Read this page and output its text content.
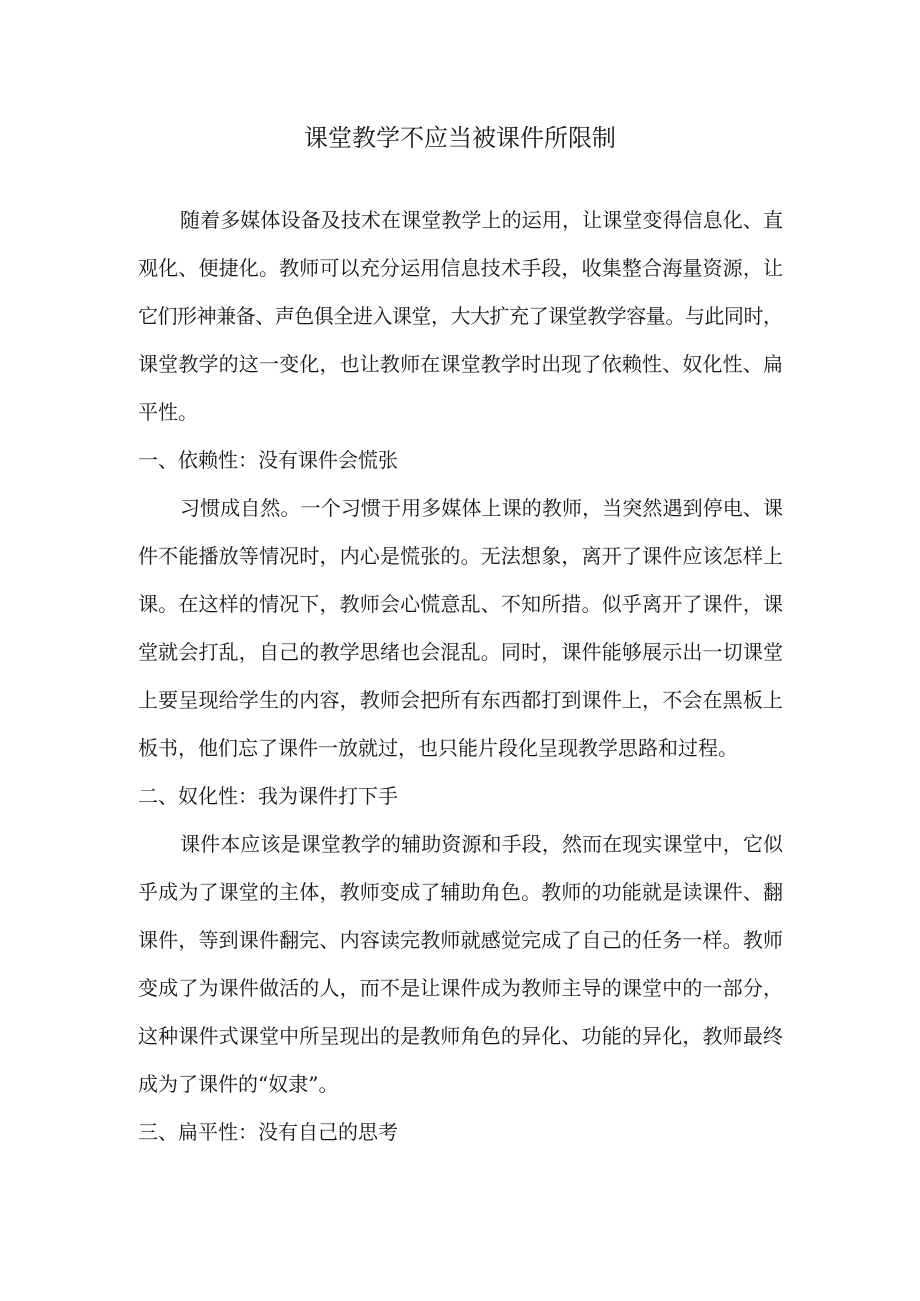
课堂教学不应当被课件所限制
随着多媒体设备及技术在课堂教学上的运用，让课堂变得信息化、直
观化、便捷化。教师可以充分运用信息技术手段，收集整合海量资源，让
它们形神兼备、声色俱全进入课堂，大大扩充了课堂教学容量。与此同时，
课堂教学的这一变化，也让教师在课堂教学时出现了依赖性、奴化性、扁
平性。
一、依赖性：没有课件会慌张
习惯成自然。一个习惯于用多媒体上课的教师，当突然遇到停电、课
件不能播放等情况时，内心是慌张的。无法想象，离开了课件应该怎样上
课。在这样的情况下，教师会心慌意乱、不知所措。似乎离开了课件，课
堂就会打乱，自己的教学思绪也会混乱。同时，课件能够展示出一切课堂
上要呈现给学生的内容，教师会把所有东西都打到课件上，不会在黑板上
板书，他们忘了课件一放就过，也只能片段化呈现教学思路和过程。
二、奴化性：我为课件打下手
课件本应该是课堂教学的辅助资源和手段，然而在现实课堂中，它似
乎成为了课堂的主体，教师变成了辅助角色。教师的功能就是读课件、翻
课件，等到课件翻完、内容读完教师就感觉完成了自己的任务一样。教师
变成了为课件做活的人，而不是让课件成为教师主导的课堂中的一部分，
这种课件式课堂中所呈现出的是教师角色的异化、功能的异化，教师最终
成为了课件的“奴隶”。
三、扁平性：没有自己的思考
